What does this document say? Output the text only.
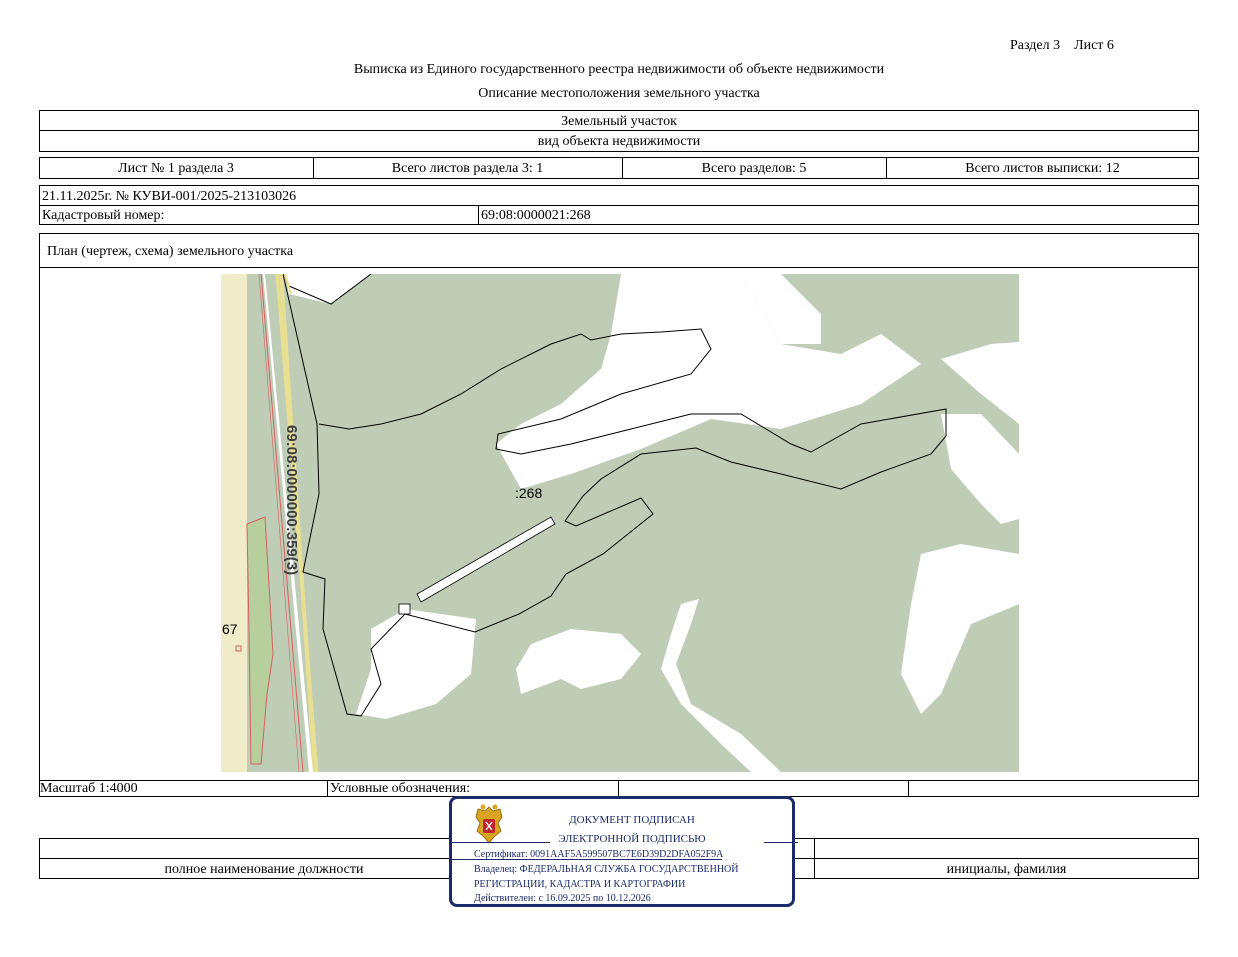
Раздел 3    Лист 6
Выписка из Единого государственного реестра недвижимости об объекте недвижимости
Описание местоположения земельного участка
Земельный участок
вид объекта недвижимости
Лист № 1 раздела 3	Всего листов раздела 3: 1	Всего разделов: 5	Всего листов выписки: 12
21.11.2025г. № КУВИ-001/2025-213103026
Кадастровый номер:	69:08:0000021:268
План (чертеж, схема) земельного участка
:268
67
69:08:0000000:359(3)
Масштаб 1:4000	Условные обозначения:
полное наименование должности	инициалы, фамилия
ДОКУМЕНТ ПОДПИСАН
ЭЛЕКТРОННОЙ ПОДПИСЬЮ
Сертификат: 0091AAF5A599507BC7E6D39D2DFA052F9A
Владелец: ФЕДЕРАЛЬНАЯ СЛУЖБА ГОСУДАРСТВЕННОЙ
РЕГИСТРАЦИИ, КАДАСТРА И КАРТОГРАФИИ
Действителен: с 16.09.2025 по 10.12.2026
